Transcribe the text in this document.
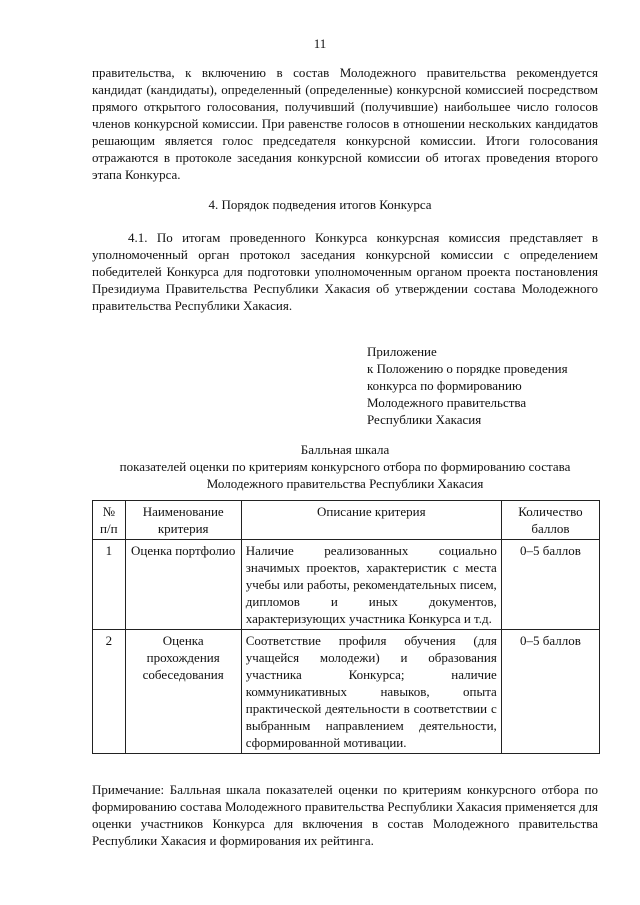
11

правительства, к включению в состав Молодежного правительства рекомендуется кандидат (кандидаты), определенный (определенные) конкурсной комиссией посредством прямого открытого голосования, получивший (получившие) наибольшее число голосов членов конкурсной комиссии. При равенстве голосов в отношении нескольких кандидатов решающим является голос председателя конкурсной комиссии. Итоги голосования отражаются в протоколе заседания конкурсной комиссии об итогах проведения второго этапа Конкурса.

4. Порядок подведения итогов Конкурса

4.1. По итогам проведенного Конкурса конкурсная комиссия представляет в уполномоченный орган протокол заседания конкурсной комиссии с определением победителей Конкурса для подготовки уполномоченным органом проекта постановления Президиума Правительства Республики Хакасия об утверждении состава Молодежного правительства Республики Хакасия.

Приложение
к Положению о порядке проведения
конкурса по формированию
Молодежного правительства
Республики Хакасия
Балльная шкала
показателей оценки по критериям конкурсного отбора по формированию состава
Молодежного правительства Республики Хакасия
№ п/п	Наименование критерия	Описание критерия	Количество баллов
1	Оценка портфолио	Наличие реализованных социально значимых проектов, характеристик с места учебы или работы, рекомендательных писем, дипломов и иных документов, характеризующих участника Конкурса и т.д.	0–5 баллов
2	Оценка прохождения собеседования	Соответствие профиля обучения (для учащейся молодежи) и образования участника Конкурса; наличие коммуникативных навыков, опыта практической деятельности в соответствии с выбранным направлением деятельности, сформированной мотивации.	0–5 баллов

Примечание: Балльная шкала показателей оценки по критериям конкурсного отбора по формированию состава Молодежного правительства Республики Хакасия применяется для оценки участников Конкурса для включения в состав Молодежного правительства Республики Хакасия и формирования их рейтинга.
